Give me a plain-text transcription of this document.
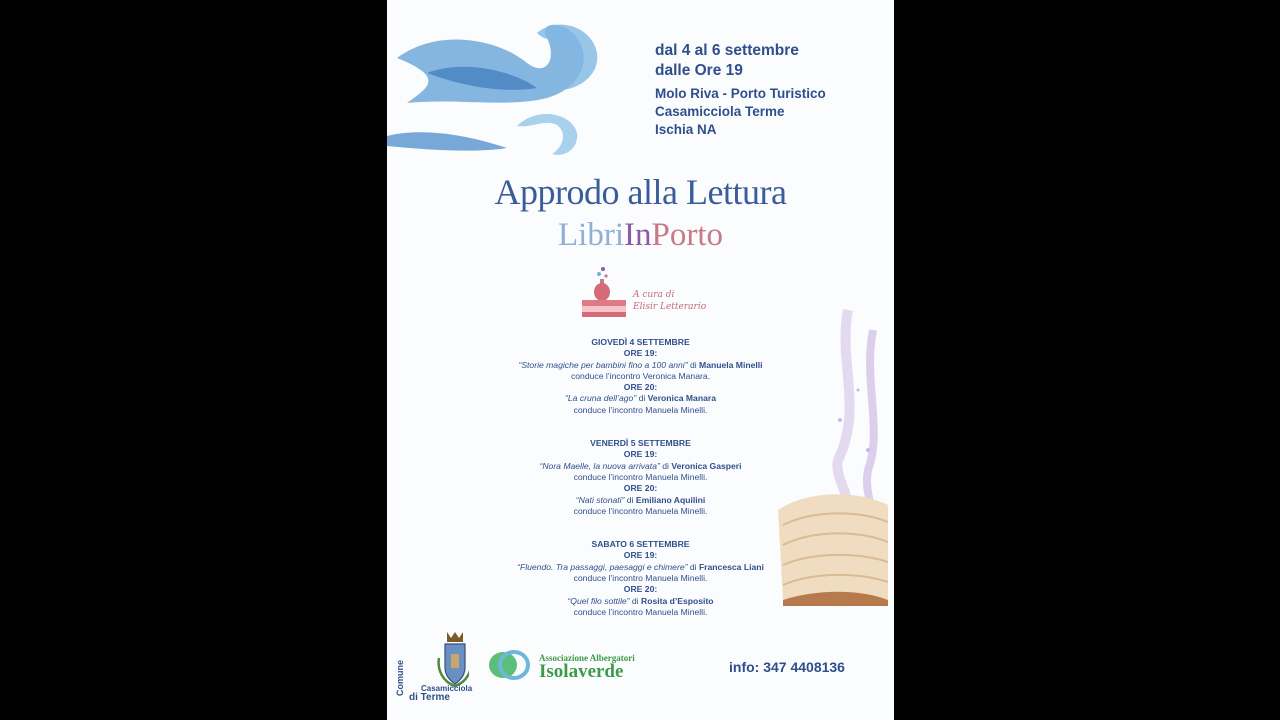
dal 4 al 6 settembre
dalle Ore 19
Molo Riva - Porto Turistico
Casamicciola Terme
Ischia NA
Approdo alla Lettura
LibriInPorto
A cura di
Elisir Letterario
GIOVEDÌ 4 SETTEMBRE
ORE 19:
“Storie magiche per bambini fino a 100 anni” di Manuela Minelli
conduce l’incontro Veronica Manara.
ORE 20:
“La cruna dell’ago” di Veronica Manara
conduce l’incontro Manuela Minelli.
VENERDÌ 5 SETTEMBRE
ORE 19:
“Nora Maelle, la nuova arrivata” di Veronica Gasperi
conduce l’incontro Manuela Minelli.
ORE 20:
“Nati stonati” di Emiliano Aquilini
conduce l’incontro Manuela Minelli.
SABATO 6 SETTEMBRE
ORE 19:
“Fluendo. Tra passaggi, paesaggi e chimere” di Francesca Liani
conduce l’incontro Manuela Minelli.
ORE 20:
“Quel filo sottile” di Rosita d’Esposito
conduce l’incontro Manuela Minelli.
Comune	Casamicciola
di Terme
Associazione Albergatori
Isolaverde	info: 347 4408136
